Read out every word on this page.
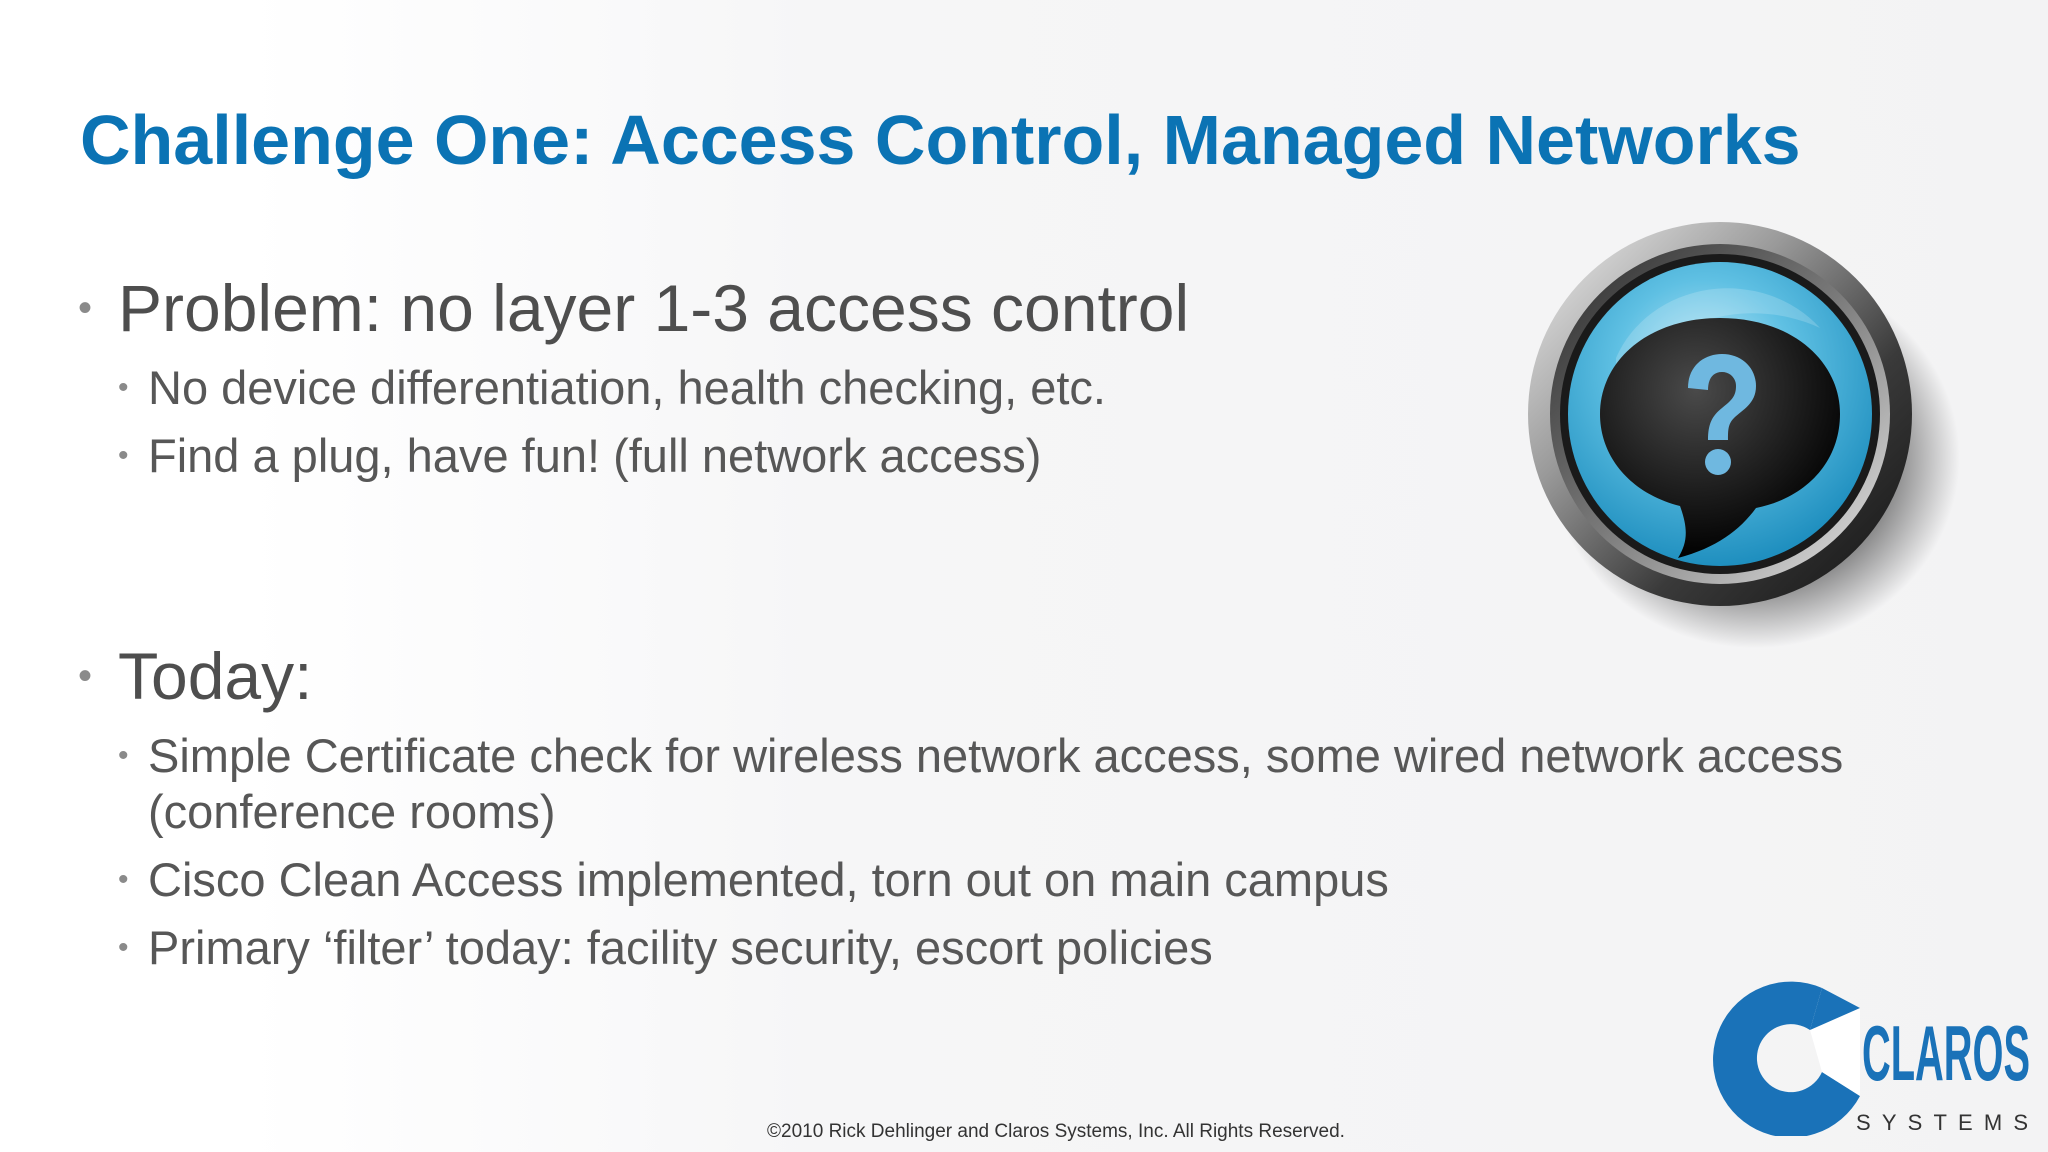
Challenge One: Access Control, Managed Networks
• Problem: no layer 1-3 access control
• No device differentiation, health checking, etc.
• Find a plug, have fun! (full network access)
• Today:
• Simple Certificate check for wireless network access, some wired network access (conference rooms)
• Cisco Clean Access implemented, torn out on main campus
• Primary ‘filter’ today: facility security, escort policies
CLAROS
SYSTEMS
©2010 Rick Dehlinger and Claros Systems, Inc. All Rights Reserved.
